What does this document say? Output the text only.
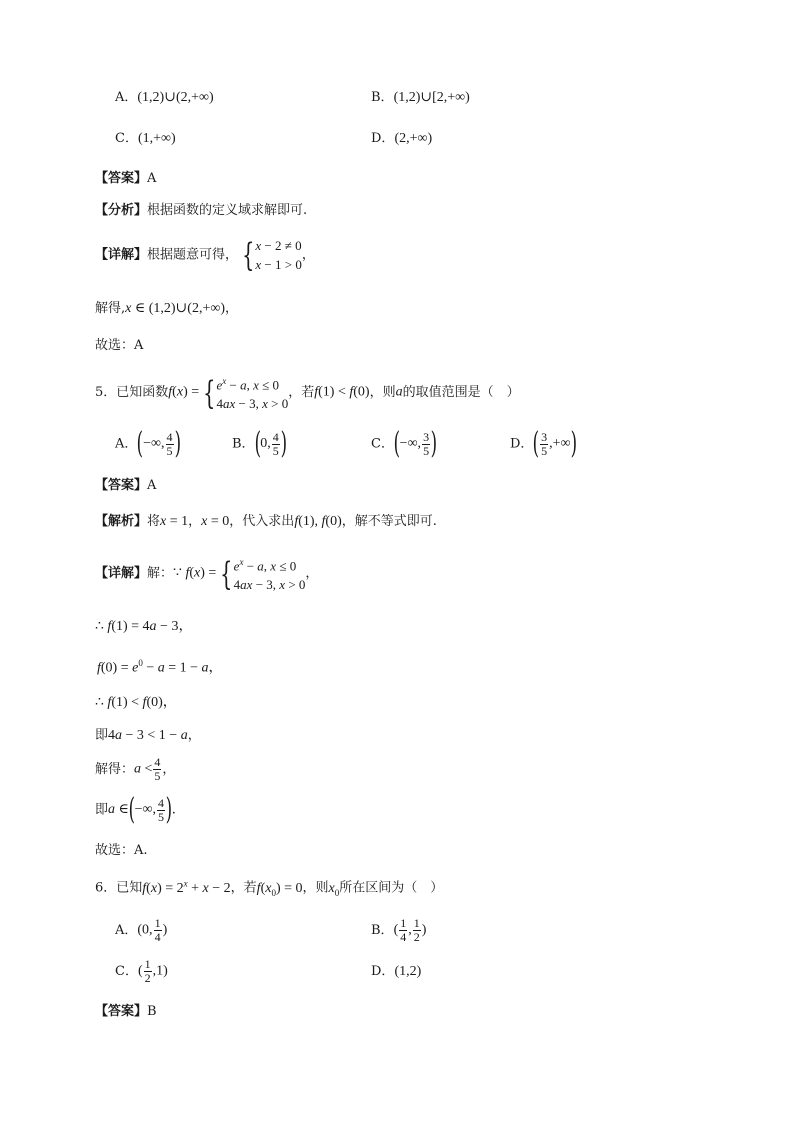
A．(1,2)∪(2,+∞)	B．(1,2)∪[2,+∞)
C．(1,+∞)	D．(2,+∞)
【答案】A
【分析】根据函数的定义域求解即可.
【详解】根据题意可得， { x − 2 ≠ 0
x − 1 > 0
，
解得,x ∈ (1,2)∪(2,+∞)，
故选：A
5．已知函数f(x) = { $e^x - a$, x ≤ 0
4ax − 3, x > 0
，若f(1) < f(0)，则a的取值范围是（　）
A．(−∞, $\frac{4}{5}$ )	B．(0, $\frac{4}{5}$ )	C．(−∞, $\frac{3}{5}$ )	D．( $\frac{3}{5}$ ,+∞)
【答案】A
【解析】将x = 1，x = 0，代入求出f(1), f(0)，解不等式即可.
【详解】解：∵ f(x) = { $e^x - a$, x ≤ 0
4ax − 3, x > 0
，
∴ f(1) = 4a − 3，
$f(0) = e^0 - a = 1 - a$，
∴ f(1) < f(0)，
即4a − 3 < 1 − a，
解得：$a < \frac{4}{5}$ ，
即a ∈(−∞, $\frac{4}{5}$ ).
故选：A.
6．已知$f(x) = 2^x + x - 2$，若$f(x_0) = 0$，则$x_0$所在区间为（　）
A．(0, $\frac{1}{4}$ )	B．( $\frac{1}{4}$ , $\frac{1}{2}$ )
C．( $\frac{1}{2} ,1$)	D．(1,2)
【答案】B
